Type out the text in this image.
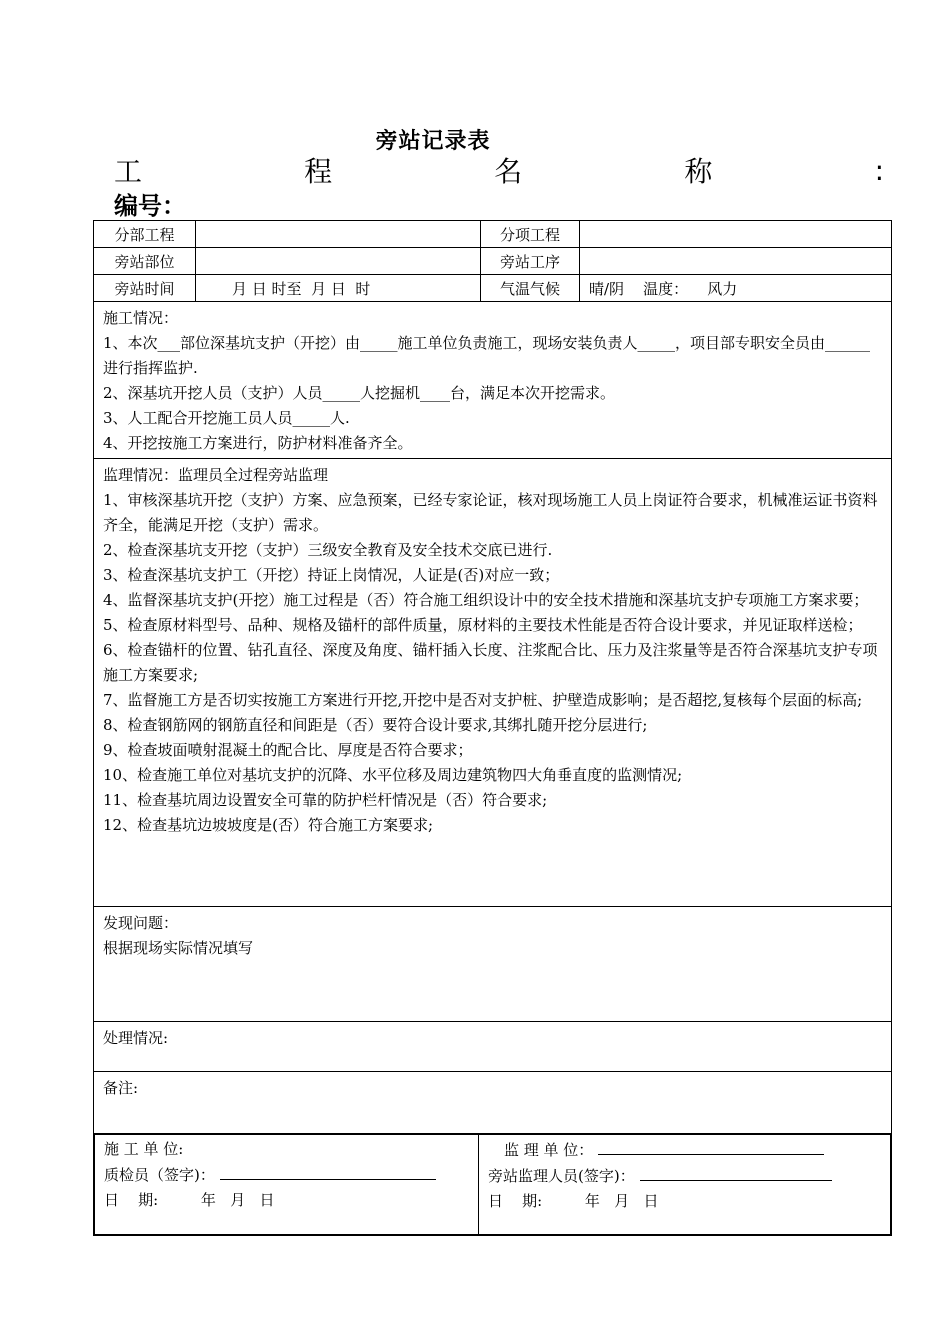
旁站记录表
工	程	名	称	:
编号：
分部工程		分项工程	
旁站部位		旁站工序	
旁站时间	月 日 时至  月 日  时	气温气候	晴/阴    温度：    风力

施工情况：

1、本次___部位深基坑支护（开挖）由_____施工单位负责施工，现场安装负责人_____，项目部专职安全员由______进行指挥监护.

2、深基坑开挖人员（支护）人员_____人挖掘机____台，满足本次开挖需求。

3、人工配合开挖施工员人员_____人.

4、开挖按施工方案进行，防护材料准备齐全。

监理情况：监理员全过程旁站监理

1、审核深基坑开挖（支护）方案、应急预案，已经专家论证，核对现场施工人员上岗证符合要求，机械准运证书资料齐全，能满足开挖（支护）需求。

2、检查深基坑支开挖（支护）三级安全教育及安全技术交底已进行.

3、检查深基坑支护工（开挖）持证上岗情况，人证是(否)对应一致；

4、监督深基坑支护(开挖）施工过程是（否）符合施工组织设计中的安全技术措施和深基坑支护专项施工方案求要；

5、检查原材料型号、品种、规格及锚杆的部件质量，原材料的主要技术性能是否符合设计要求，并见证取样送检；

6、检查锚杆的位置、钻孔直径、深度及角度、锚杆插入长度、注浆配合比、压力及注浆量等是否符合深基坑支护专项施工方案要求;

7、监督施工方是否切实按施工方案进行开挖,开挖中是否对支护桩、护壁造成影响；是否超挖,复核每个层面的标高;

8、检查钢筋网的钢筋直径和间距是（否）要符合设计要求,其绑扎随开挖分层进行;

9、检查坡面喷射混凝土的配合比、厚度是否符合要求；

10、检查施工单位对基坑支护的沉降、水平位移及周边建筑物四大角垂直度的监测情况;

11、检查基坑周边设置安全可靠的防护栏杆情况是（否）符合要求;

12、检查基坑边坡坡度是(否）符合施工方案要求;

发现问题：

根据现场实际情况填写

处理情况:

备注:

施 工 单 位:
质检员（签字)：
日    期:	年   月   日

监 理 单 位：
旁站监理人员(签字)：
日    期:	年   月   日
